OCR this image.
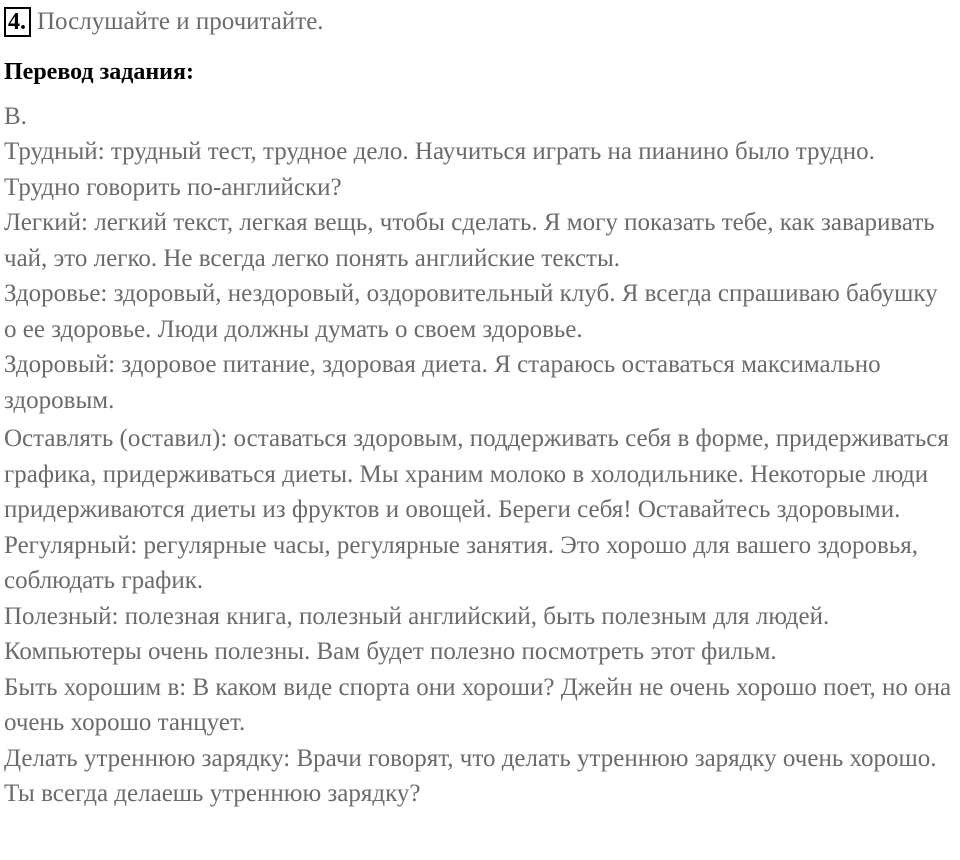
4. Послушайте и прочитайте.
Перевод задания:
B.

Трудный: трудный тест, трудное дело. Научиться играть на пианино было трудно. Трудно говорить по-английски?

Легкий: легкий текст, легкая вещь, чтобы сделать. Я могу показать тебе, как заваривать чай, это легко. Не всегда легко понять английские тексты.

Здоровье: здоровый, нездоровый, оздоровительный клуб. Я всегда спрашиваю бабушку о ее здоровье. Люди должны думать о своем здоровье.

Здоровый: здоровое питание, здоровая диета. Я стараюсь оставаться максимально здоровым.

Оставлять (оставил): оставаться здоровым, поддерживать себя в форме, придерживаться графика, придерживаться диеты. Мы храним молоко в холодильнике. Некоторые люди придерживаются диеты из фруктов и овощей. Береги себя! Оставайтесь здоровыми.

Регулярный: регулярные часы, регулярные занятия. Это хорошо для вашего здоровья, соблюдать график.

Полезный: полезная книга, полезный английский, быть полезным для людей. Компьютеры очень полезны. Вам будет полезно посмотреть этот фильм.

Быть хорошим в: В каком виде спорта они хороши? Джейн не очень хорошо поет, но она очень хорошо танцует.

Делать утреннюю зарядку: Врачи говорят, что делать утреннюю зарядку очень хорошо. Ты всегда делаешь утреннюю зарядку?
